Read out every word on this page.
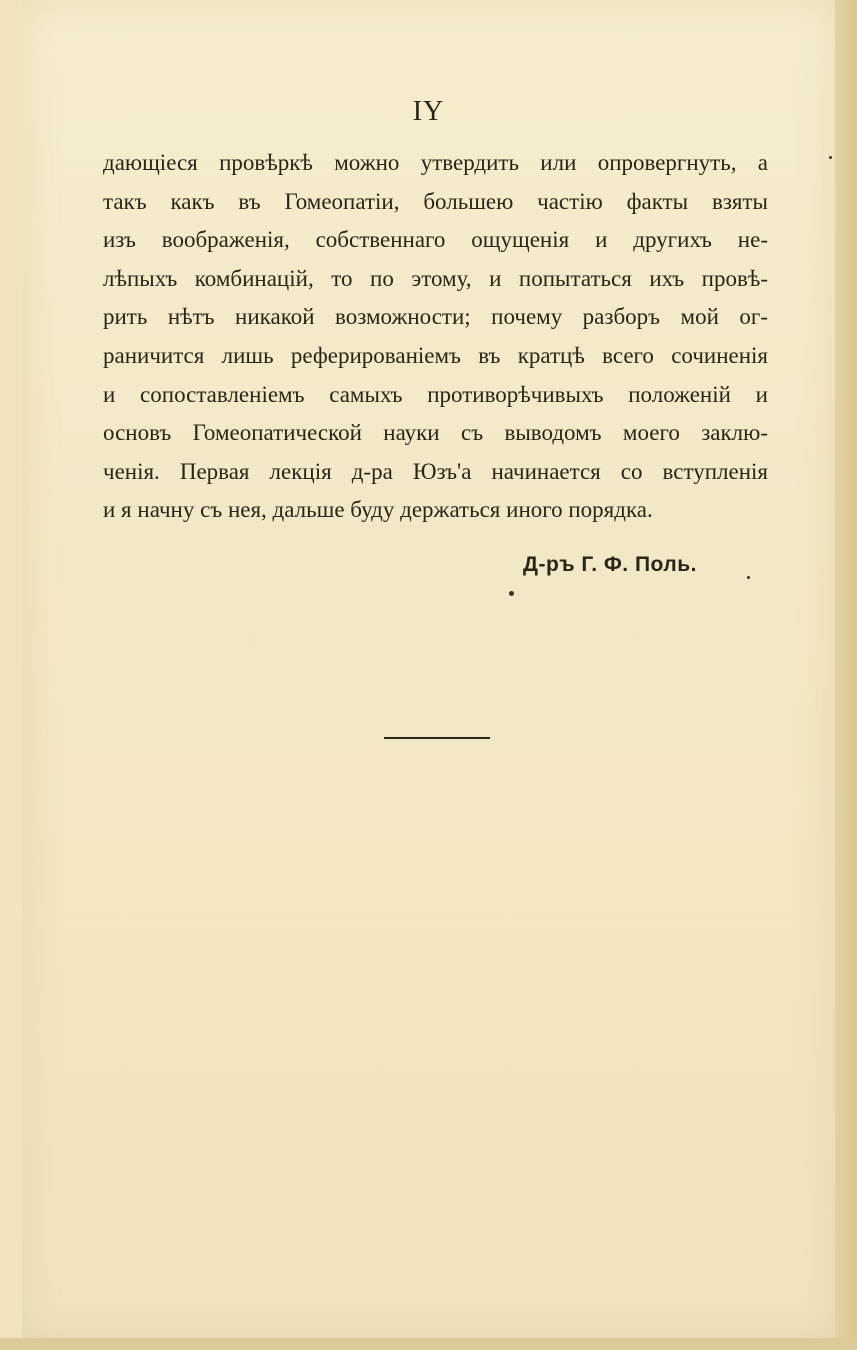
IY
дающіеся провѣркѣ можно утвердить или опровергнуть, а
такъ какъ въ Гомеопатіи, большею частію факты взяты
изъ воображенія, собственнаго ощущенія и другихъ не-
лѣпыхъ комбинацій, то по этому, и попытаться ихъ провѣ-
рить нѣтъ никакой возможности; почему разборъ мой ог-
раничится лишь реферированіемъ въ кратцѣ всего сочиненія
и сопоставленіемъ самыхъ противорѣчивыхъ положеній и
основъ Гомеопатической науки съ выводомъ моего заклю-
ченія. Первая лекція д-ра Юзъ'а начинается со вступленія
и я начну съ нея, дальше буду держаться иного порядка.
Д-ръ Г. Ф. Поль.
